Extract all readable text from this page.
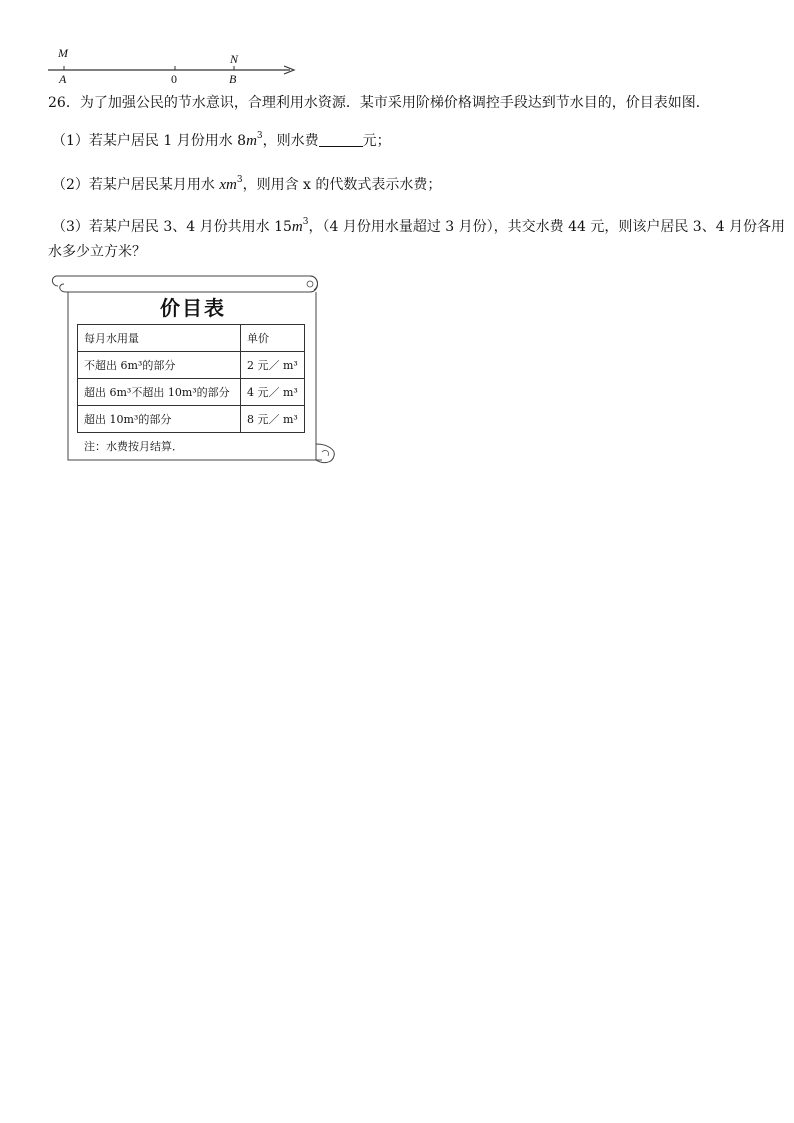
M	N
A	0	B
26．为了加强公民的节水意识，合理利用水资源．某市采用阶梯价格调控手段达到节水目的，价目表如图．
（1）若某户居民 1 月份用水 $8m^3$，则水费	元；
（2）若某户居民某月用水 $xm^3$，则用含 x 的代数式表示水费；
（3）若某户居民 3、4 月份共用水 $15m^3$，（4 月份用水量超过 3 月份），共交水费 44 元，则该户居民 3、4 月份各用
水多少立方米？
价目表
每月水用量	单价
不超出 6m³的部分	2 元／ m³
超出 6m³不超出 10m³的部分	4 元／ m³
超出 10m³的部分	8 元／ m³
注：水费按月结算．
